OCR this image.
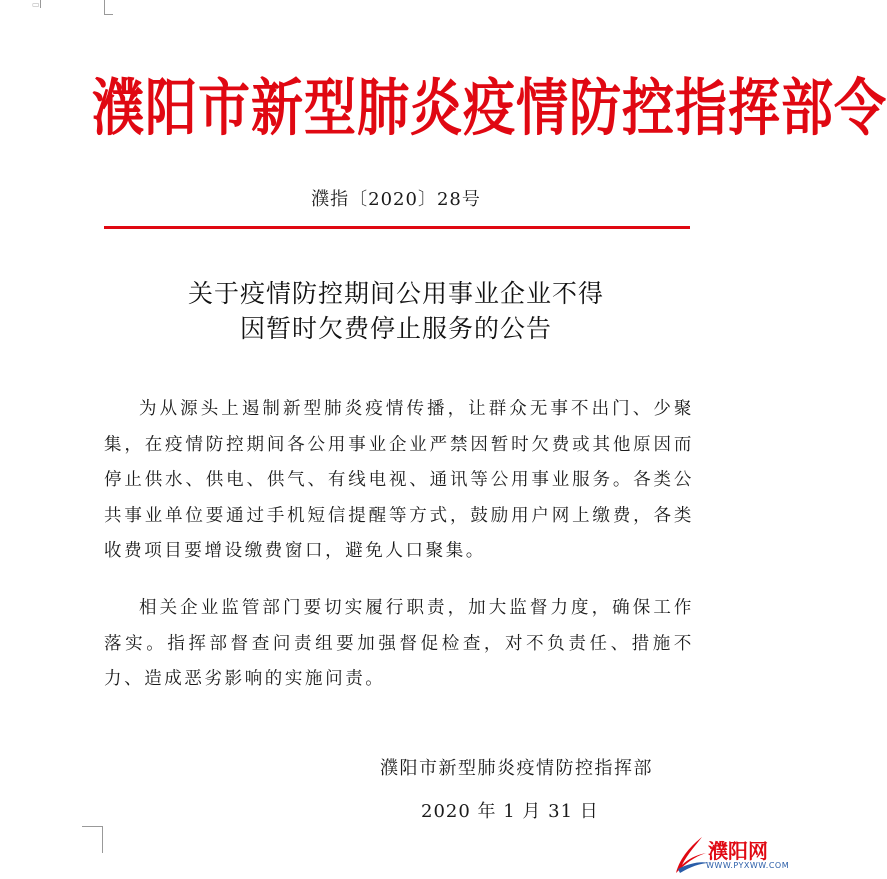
▭
濮阳市新型肺炎疫情防控指挥部令
濮指〔2020〕28号
关于疫情防控期间公用事业企业不得
因暂时欠费停止服务的公告

为从源头上遏制新型肺炎疫情传播，让群众无事不出门、少聚集，在疫情防控期间各公用事业企业严禁因暂时欠费或其他原因而停止供水、供电、供气、有线电视、通讯等公用事业服务。各类公共事业单位要通过手机短信提醒等方式，鼓励用户网上缴费，各类收费项目要增设缴费窗口，避免人口聚集。

相关企业监管部门要切实履行职责，加大监督力度，确保工作落实。指挥部督查问责组要加强督促检查，对不负责任、措施不力、造成恶劣影响的实施问责。

濮阳市新型肺炎疫情防控指挥部
2020 年 1 月 31 日
濮阳网
WWW.PYXWW.COM
